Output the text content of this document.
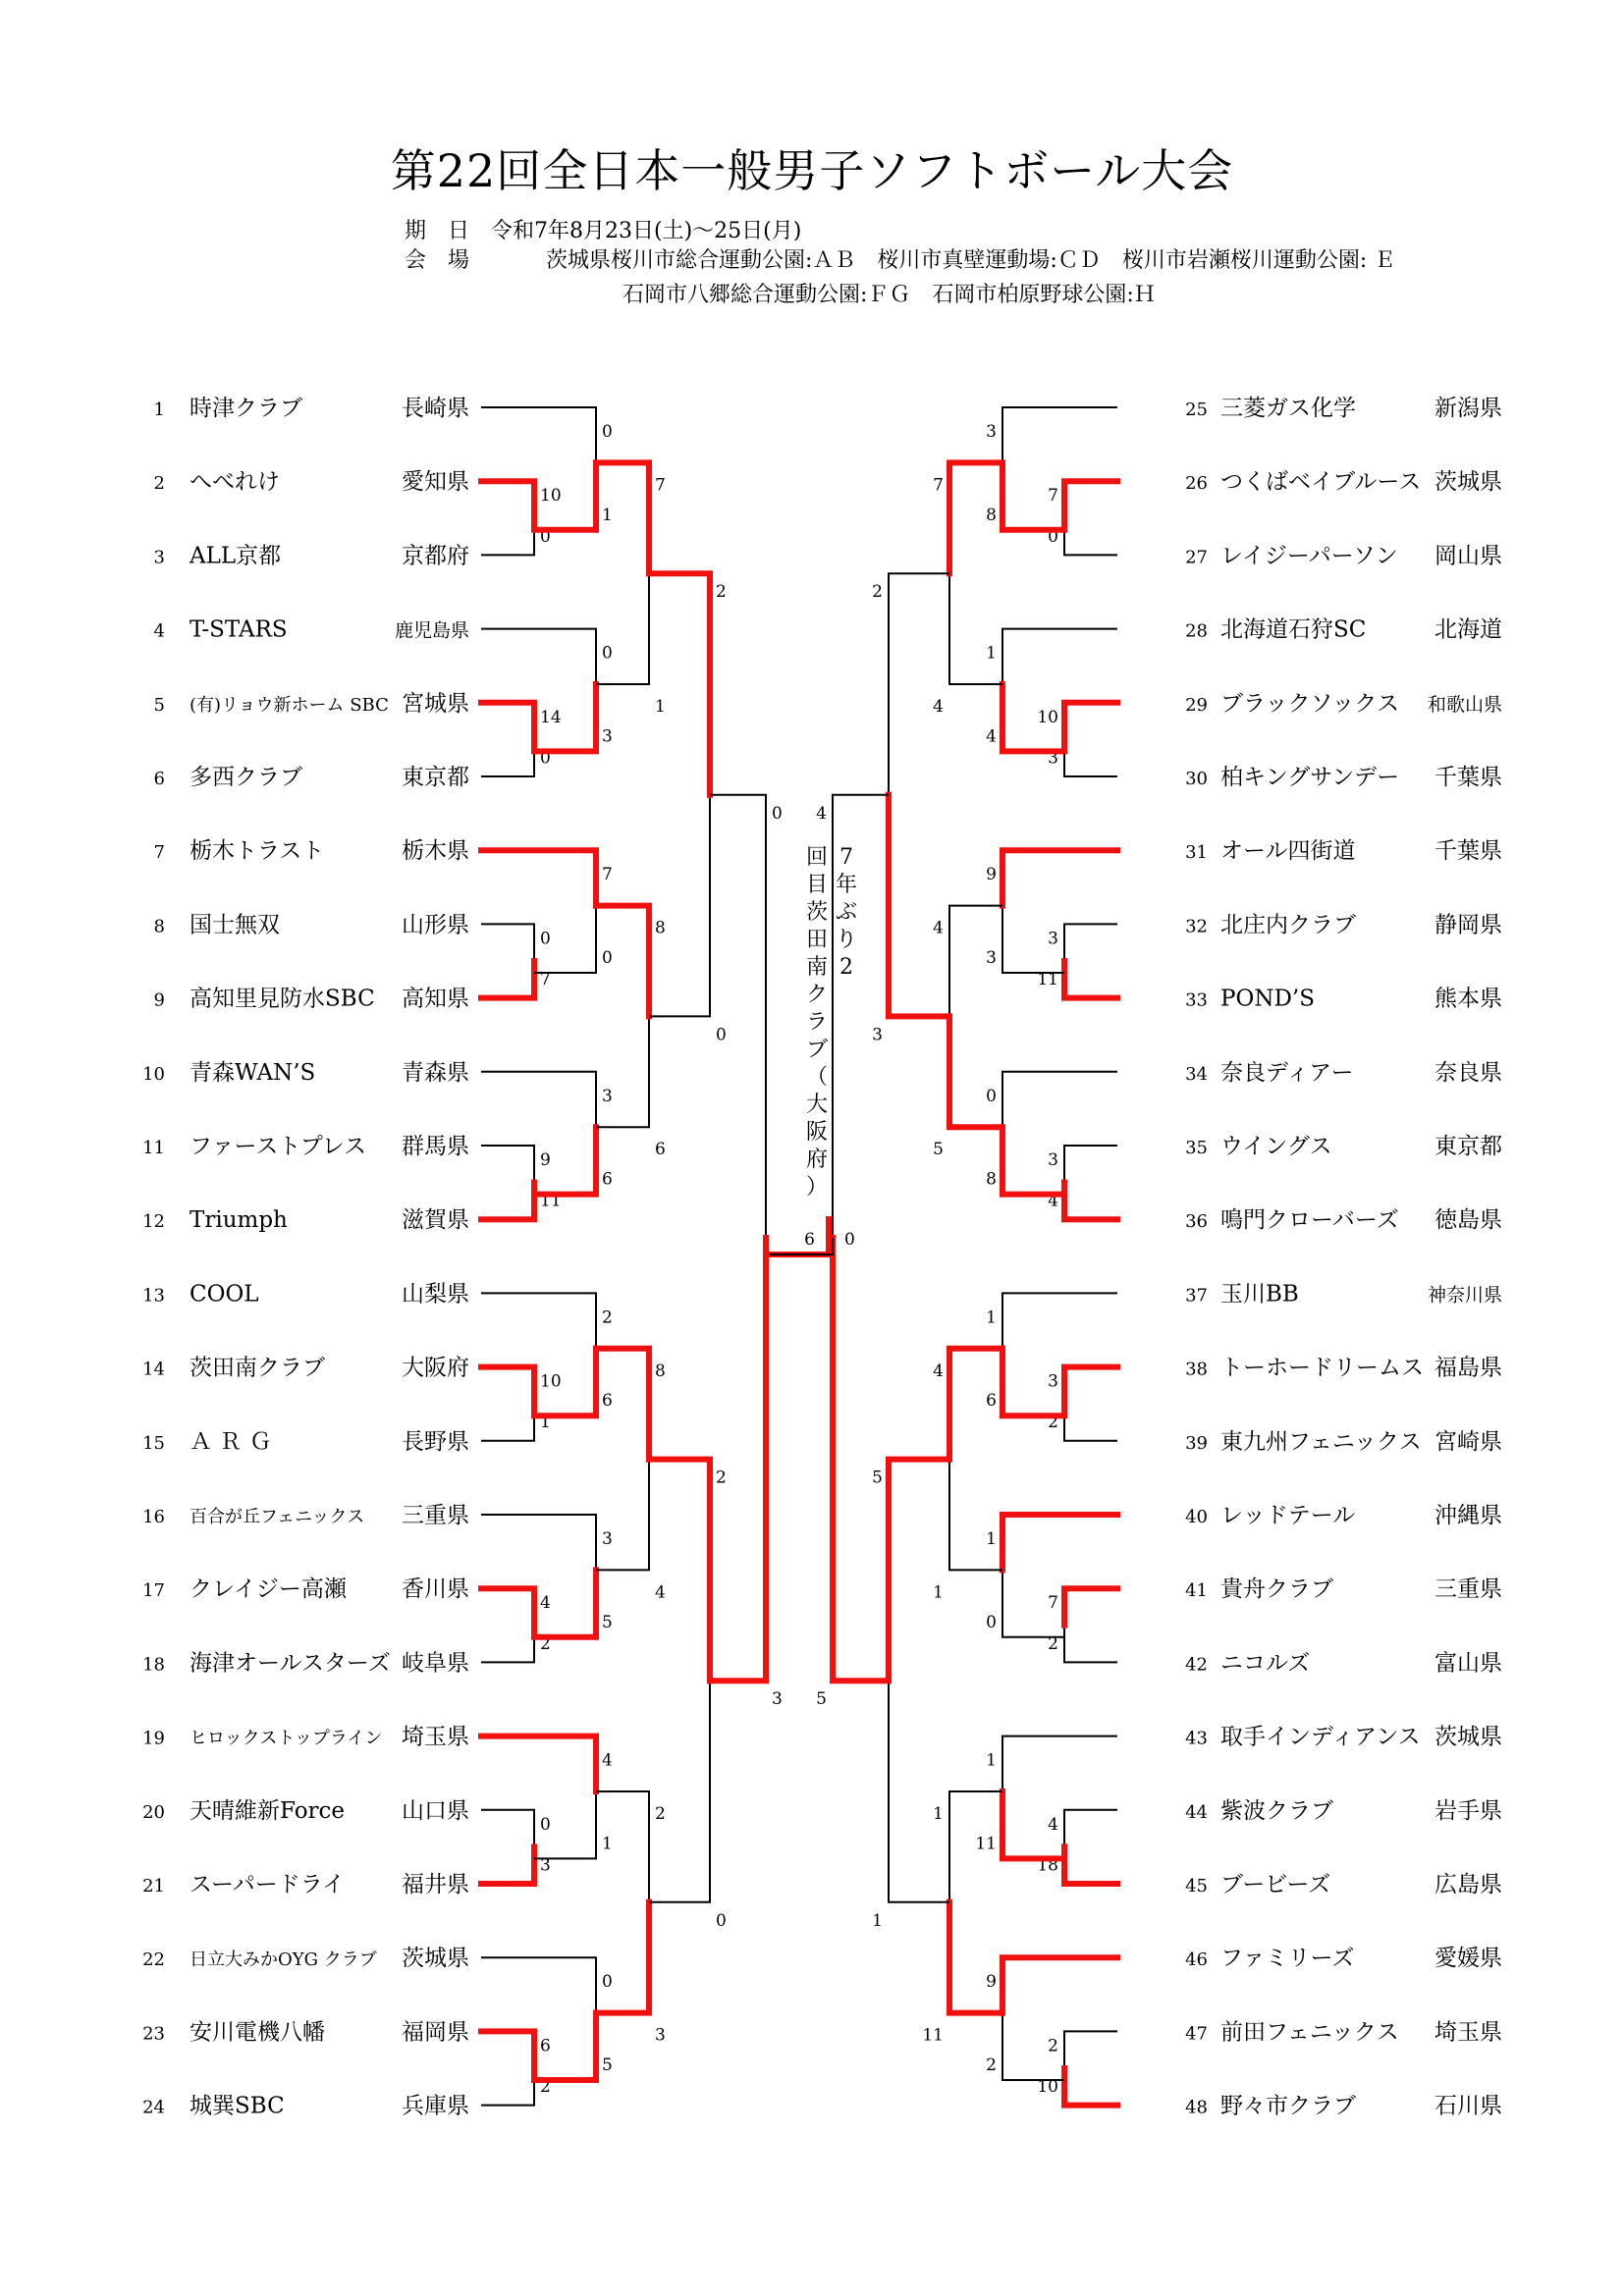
第22回全日本一般男子ソフトボール大会
期　日 令和7年8月23日(土)～25日(月)
会　場	茨城県桜川市総合運動公園:ＡＢ　桜川市真壁運動場:ＣＤ　桜川市岩瀬桜川運動公園: Ｅ
石岡市八郷総合運動公園:ＦＧ　石岡市柏原野球公園:Ｈ
1 時津クラブ	長崎県
2 へべれけ	愛知県
3 ALL京都	京都府
4 T-STARS	鹿児島県
5 (有)リョウ新ホーム SBC 宮城県
6 多西クラブ	東京都
7 栃木トラスト	栃木県
8 国士無双	山形県
9 高知里見防水SBC 高知県
10 青森WAN’S	青森県
11 ファーストプレス 群馬県
12 Triumph	滋賀県
13 COOL	山梨県
14 茨田南クラブ	大阪府
15 Ａ Ｒ Ｇ	長野県
16 百合が丘フェニックス 三重県
17 クレイジー高瀬 香川県
18 海津オールスターズ 岐阜県
19 ヒロックストップライン 埼玉県
20 天晴維新Force	山口県
21 スーパードライ	福井県
22 日立大みかOYG クラブ 茨城県
23 安川電機八幡	福岡県
24 城巽SBC	兵庫県
10
0
0
1
14
0
0
3
0
7
7
0
9
11
3
6
10
1
2
6
4
2
3
5
0
3
4
1
6
2
0
5
7
1
8
6
8
4
2
3
2
0
2
0
0
3
25 三菱ガス化学	新潟県
26 つくばベイブルース 茨城県
27 レイジーパーソン 岡山県
28 北海道石狩SC	北海道
29 ブラックソックス 和歌山県
30 柏キングサンデー 千葉県
31 オール四街道	千葉県
32 北庄内クラブ	静岡県
33 POND’S	熊本県
34 奈良ディアー	奈良県
35 ウイングス	東京都
36 鳴門クローバーズ 徳島県
37 玉川BB	神奈川県
38 トーホードリームス 福島県
39 東九州フェニックス 宮崎県
40 レッドテール	沖縄県
41 貴舟クラブ	三重県
42 ニコルズ	富山県
43 取手インディアンス 茨城県
44 紫波クラブ	岩手県
45 ブービーズ	広島県
46 ファミリーズ	愛媛県
47 前田フェニックス 埼玉県
48 野々市クラブ	石川県
7
0
3
8
10
3
1
4
3
11
9
3
3
4
0
8
3
2
1
6
7
2
1
0
4
18
1
11
2
10
9
2
7
4
4
5
4
1
1
11
2
3
5
1
4
5
6 0
7
年
ぶ
り
2
回
目
茨
田
南
ク
ラ
ブ
（
大
阪
府
）
